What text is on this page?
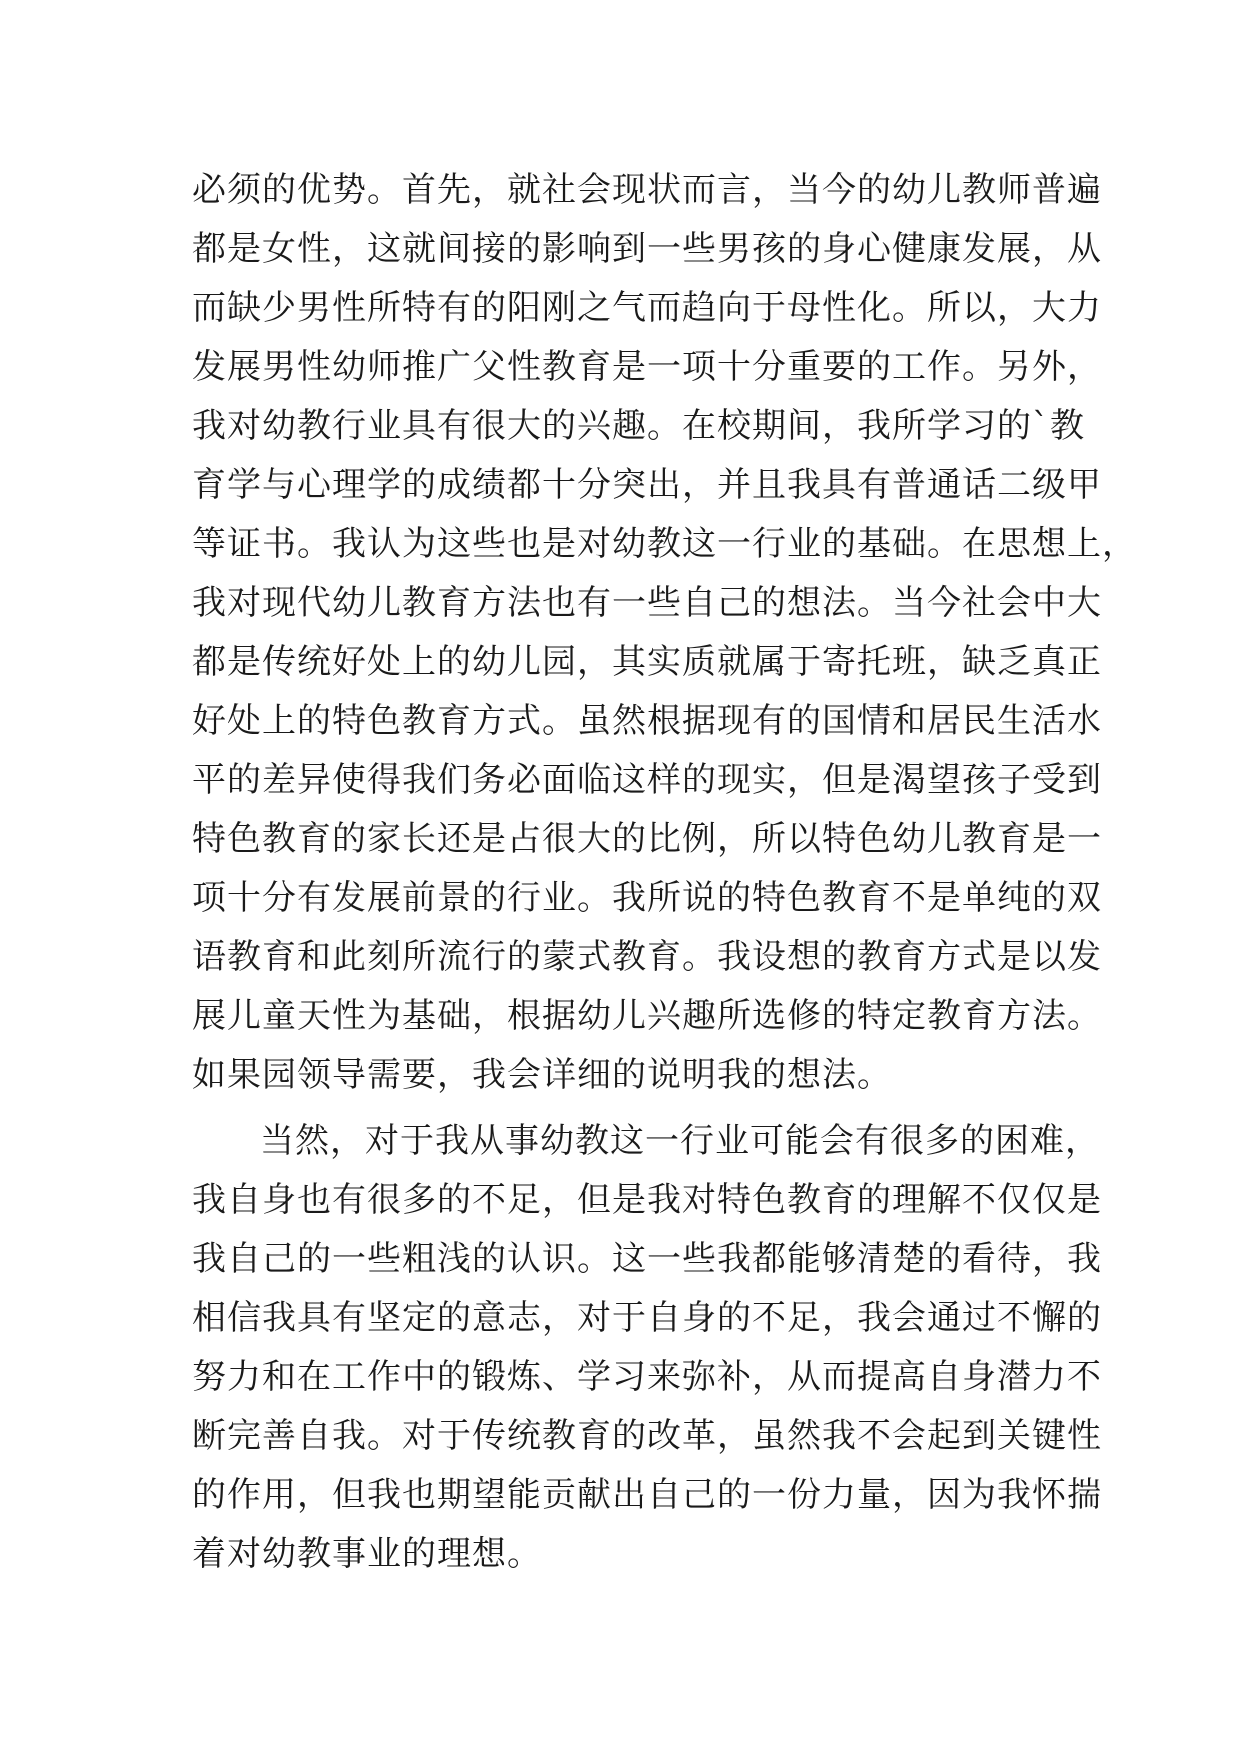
必须的优势。首先，就社会现状而言，当今的幼儿教师普遍
都是女性，这就间接的影响到一些男孩的身心健康发展，从
而缺少男性所特有的阳刚之气而趋向于母性化。所以，大力
发展男性幼师推广父性教育是一项十分重要的工作。另外，
我对幼教行业具有很大的兴趣。在校期间，我所学习的`教
育学与心理学的成绩都十分突出，并且我具有普通话二级甲
等证书。我认为这些也是对幼教这一行业的基础。在思想上，
我对现代幼儿教育方法也有一些自己的想法。当今社会中大
都是传统好处上的幼儿园，其实质就属于寄托班，缺乏真正
好处上的特色教育方式。虽然根据现有的国情和居民生活水
平的差异使得我们务必面临这样的现实，但是渴望孩子受到
特色教育的家长还是占很大的比例，所以特色幼儿教育是一
项十分有发展前景的行业。我所说的特色教育不是单纯的双
语教育和此刻所流行的蒙式教育。我设想的教育方式是以发
展儿童天性为基础，根据幼儿兴趣所选修的特定教育方法。
如果园领导需要，我会详细的说明我的想法。
当然，对于我从事幼教这一行业可能会有很多的困难，
我自身也有很多的不足，但是我对特色教育的理解不仅仅是
我自己的一些粗浅的认识。这一些我都能够清楚的看待，我
相信我具有坚定的意志，对于自身的不足，我会通过不懈的
努力和在工作中的锻炼、学习来弥补，从而提高自身潜力不
断完善自我。对于传统教育的改革，虽然我不会起到关键性
的作用，但我也期望能贡献出自己的一份力量，因为我怀揣
着对幼教事业的理想。
